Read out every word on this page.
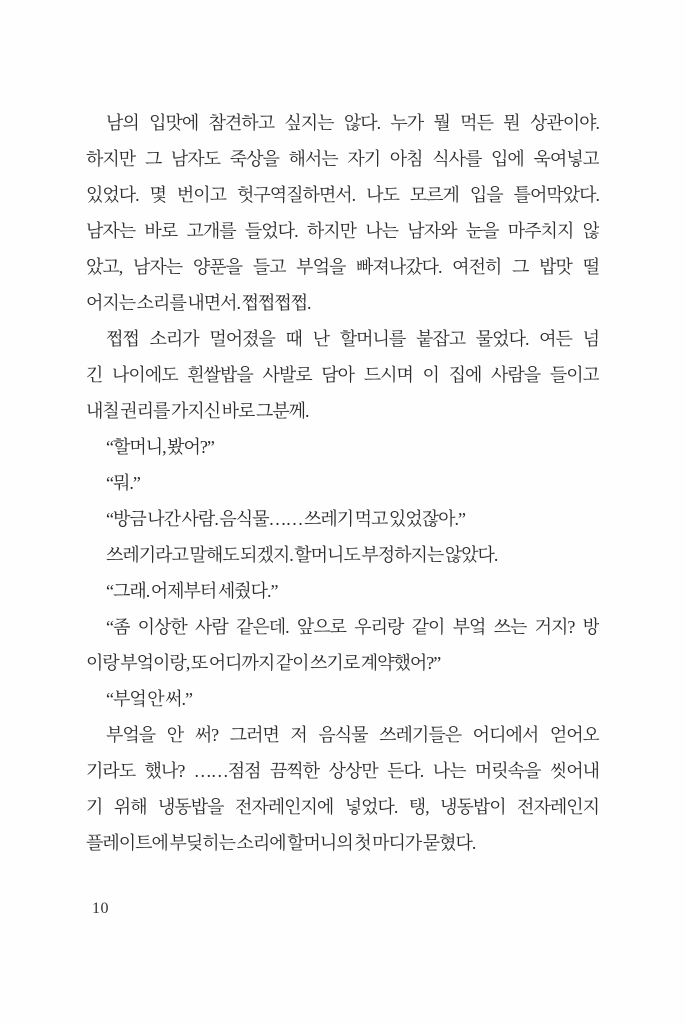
남의 입맛에 참견하고 싶지는 않다. 누가 뭘 먹든 뭔 상관이야.
하지만 그 남자도 죽상을 해서는 자기 아침 식사를 입에 욱여넣고
있었다. 몇 번이고 헛구역질하면서. 나도 모르게 입을 틀어막았다.
남자는 바로 고개를 들었다. 하지만 나는 남자와 눈을 마주치지 않
았고, 남자는 양푼을 들고 부엌을 빠져나갔다. 여전히 그 밥맛 떨
어지는 소리를 내면서. 쩝쩝쩝쩝.
쩝쩝 소리가 멀어졌을 때 난 할머니를 붙잡고 물었다. 여든 넘
긴 나이에도 흰쌀밥을 사발로 담아 드시며 이 집에 사람을 들이고
내칠 권리를 가지신 바로 그분께.
“할머니, 봤어?”
“뭐.”
“방금 나간 사람. 음식물…… 쓰레기 먹고 있었잖아.”
쓰레기라고 말해도 되겠지. 할머니도 부정하지는 않았다.
“그래. 어제부터 세줬다.”
“좀 이상한 사람 같은데. 앞으로 우리랑 같이 부엌 쓰는 거지? 방
이랑 부엌이랑, 또 어디까지 같이 쓰기로 계약했어?”
“부엌 안 써.”
부엌을 안 써? 그러면 저 음식물 쓰레기들은 어디에서 얻어오
기라도 했나? ……점점 끔찍한 상상만 든다. 나는 머릿속을 씻어내
기 위해 냉동밥을 전자레인지에 넣었다. 탱, 냉동밥이 전자레인지
플레이트에 부딪히는 소리에 할머니의 첫 마디가 묻혔다.
10
